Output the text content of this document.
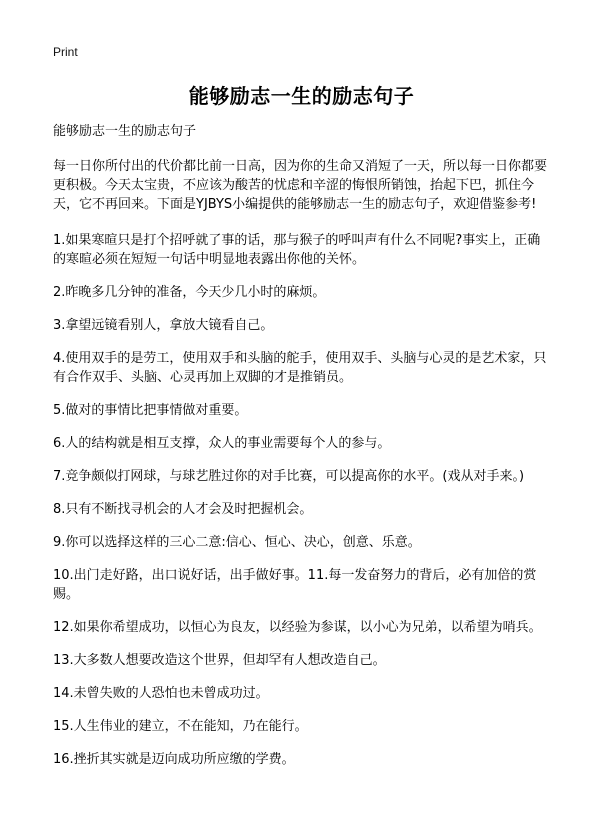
Print

能够励志一生的励志句子

能够励志一生的励志句子

每一日你所付出的代价都比前一日高，因为你的生命又消短了一天，所以每一日你都要更积极。今天太宝贵，不应该为酸苦的忧虑和辛涩的悔恨所销蚀，抬起下巴，抓住今天，它不再回来。下面是YJBYS小编提供的能够励志一生的励志句子，欢迎借鉴参考!

1.如果寒暄只是打个招呼就了事的话，那与猴子的呼叫声有什么不同呢?事实上，正确的寒暄必须在短短一句话中明显地表露出你他的关怀。
2.昨晚多几分钟的准备，今天少几小时的麻烦。
3.拿望远镜看别人，拿放大镜看自己。
4.使用双手的是劳工，使用双手和头脑的舵手，使用双手、头脑与心灵的是艺术家，只有合作双手、头脑、心灵再加上双脚的才是推销员。
5.做对的事情比把事情做对重要。
6.人的结构就是相互支撑，众人的事业需要每个人的参与。
7.竞争颇似打网球，与球艺胜过你的对手比赛，可以提高你的水平。(戏从对手来。)
8.只有不断找寻机会的人才会及时把握机会。
9.你可以选择这样的三心二意:信心、恒心、决心，创意、乐意。
10.出门走好路，出口说好话，出手做好事。11.每一发奋努力的背后，必有加倍的赏赐。
12.如果你希望成功，以恒心为良友，以经验为参谋，以小心为兄弟，以希望为哨兵。
13.大多数人想要改造这个世界，但却罕有人想改造自己。
14.未曾失败的人恐怕也未曾成功过。
15.人生伟业的建立，不在能知，乃在能行。
16.挫折其实就是迈向成功所应缴的学费。
